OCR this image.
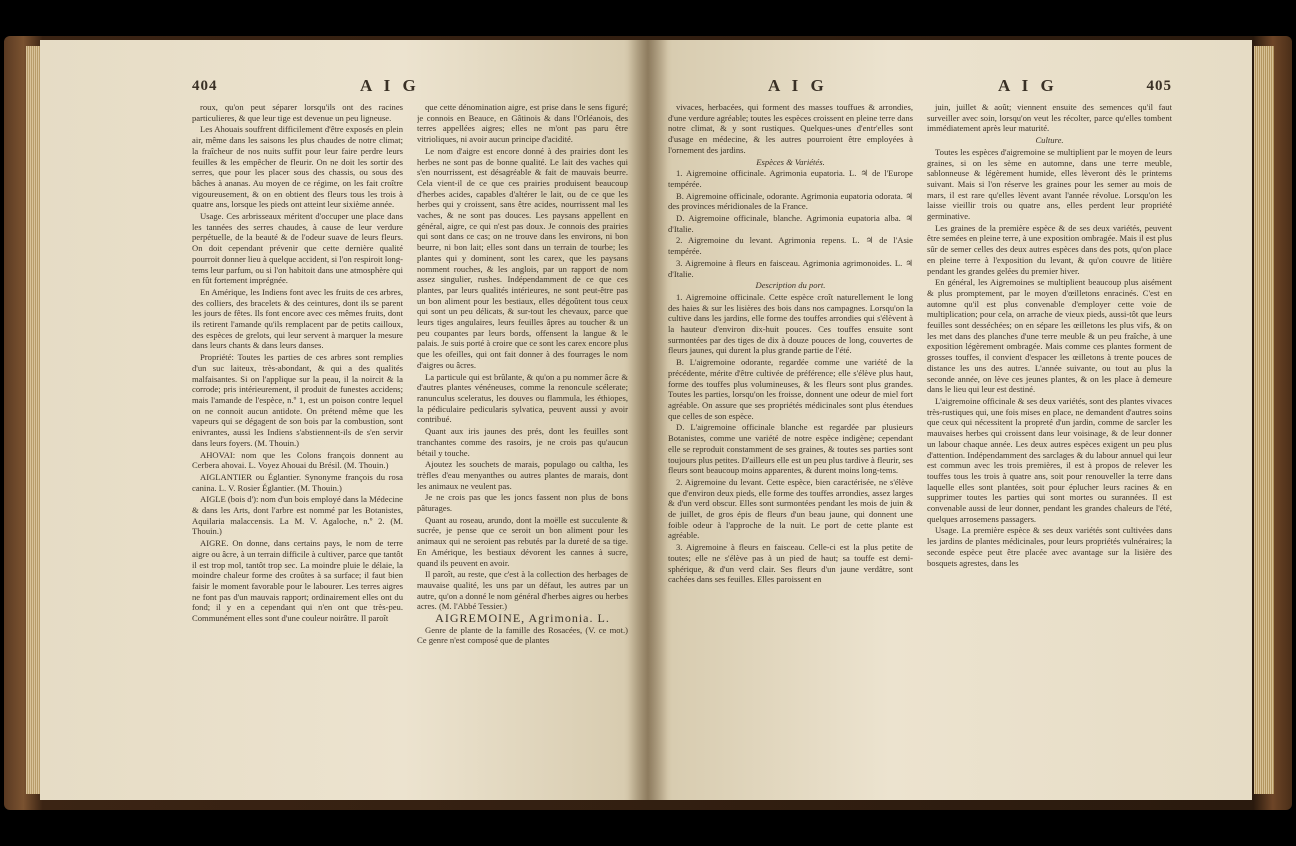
404	A I G

roux, qu'on peut séparer lorsqu'ils ont des racines particulieres, & que leur tige est devenue un peu ligneuse.

Les Ahouais souffrent difficilement d'être exposés en plein air, même dans les saisons les plus chaudes de notre climat; la fraîcheur de nos nuits suffit pour leur faire perdre leurs feuilles & les empêcher de fleurir. On ne doit les sortir des serres, que pour les placer sous des chassis, ou sous des bâches à ananas. Au moyen de ce régime, on les fait croître vigoureusement, & on en obtient des fleurs tous les trois à quatre ans, lorsque les pieds ont atteint leur sixième année.

Usage. Ces arbrisseaux méritent d'occuper une place dans les tannées des serres chaudes, à cause de leur verdure perpétuelle, de la beauté & de l'odeur suave de leurs fleurs. On doit cependant prévenir que cette dernière qualité pourroit donner lieu à quelque accident, si l'on respiroit long-tems leur parfum, ou si l'on habitoit dans une atmosphère qui en fût fortement imprégnée.

En Amérique, les Indiens font avec les fruits de ces arbres, des colliers, des bracelets & des ceintures, dont ils se parent les jours de fêtes. Ils font encore avec ces mêmes fruits, dont ils retirent l'amande qu'ils remplacent par de petits cailloux, des espèces de grelots, qui leur servent à marquer la mesure dans leurs chants & dans leurs danses.

Propriété: Toutes les parties de ces arbres sont remplies d'un suc laiteux, très-abondant, & qui a des qualités malfaisantes. Si on l'applique sur la peau, il la noircit & la corrode; pris intérieurement, il produit de funestes accidens; mais l'amande de l'espèce, n.º 1, est un poison contre lequel on ne connoit aucun antidote. On prétend même que les vapeurs qui se dégagent de son bois par la combustion, sont enivrantes, aussi les Indiens s'abstiennent-ils de s'en servir dans leurs foyers. (M. Thouin.)

AHOVAI: nom que les Colons françois donnent au Cerbera ahovai. L. Voyez Ahouai du Brésil. (M. Thouin.)

AIGLANTIER ou Églantier. Synonyme françois du rosa canina. L. V. Rosier Églantier. (M. Thouin.)

AIGLE (bois d'): nom d'un bois employé dans la Médecine & dans les Arts, dont l'arbre est nommé par les Botanistes, Aquilaria malaccensis. La M. V. Agaloche, n.º 2. (M. Thouin.)

AIGRE. On donne, dans certains pays, le nom de terre aigre ou âcre, à un terrain difficile à cultiver, parce que tantôt il est trop mol, tantôt trop sec. La moindre pluie le délaie, la moindre chaleur forme des croûtes à sa surface; il faut bien faisir le moment favorable pour le labourer. Les terres aigres ne font pas d'un mauvais rapport; ordinairement elles ont du fond; il y en a cependant qui n'en ont que très-peu. Communément elles sont d'une couleur noirâtre. Il paroît

que cette dénomination aigre, est prise dans le sens figuré; je connois en Beauce, en Gâtinois & dans l'Orléanois, des terres appellées aigres; elles ne m'ont pas paru être vitrioliques, ni avoir aucun principe d'acidité.

Le nom d'aigre est encore donné à des prairies dont les herbes ne sont pas de bonne qualité. Le lait des vaches qui s'en nourrissent, est désagréable & fait de mauvais beurre. Cela vient-il de ce que ces prairies produisent beaucoup d'herbes acides, capables d'altérer le lait, ou de ce que les herbes qui y croissent, sans être acides, nourrissent mal les vaches, & ne sont pas douces. Les paysans appellent en général, aigre, ce qui n'est pas doux. Je connois des prairies qui sont dans ce cas; on ne trouve dans les environs, ni bon beurre, ni bon lait; elles sont dans un terrain de tourbe; les plantes qui y dominent, sont les carex, que les paysans nomment rouches, & les anglois, par un rapport de nom assez singulier, rushes. Indépendamment de ce que ces plantes, par leurs qualités intérieures, ne sont peut-être pas un bon aliment pour les bestiaux, elles dégoûtent tous ceux qui sont un peu délicats, & sur-tout les chevaux, parce que leurs tiges angulaires, leurs feuilles âpres au toucher & un peu coupantes par leurs bords, offensent la langue & le palais. Je suis porté à croire que ce sont les carex encore plus que les ofeilles, qui ont fait donner à des fourrages le nom d'aigres ou âcres.

La particule qui est brûlante, & qu'on a pu nommer âcre & d'autres plantes vénéneuses, comme la renoncule scélerate; ranunculus sceleratus, les douves ou flammula, les éthiopes, la pédiculaire pedicularis sylvatica, peuvent aussi y avoir contribué.

Quant aux iris jaunes des prés, dont les feuilles sont tranchantes comme des rasoirs, je ne crois pas qu'aucun bétail y touche.

Ajoutez les souchets de marais, populago ou caltha, les trèfles d'eau menyanthes ou autres plantes de marais, dont les animaux ne veulent pas.

Je ne crois pas que les joncs fassent non plus de bons pâturages.

Quant au roseau, arundo, dont la moëlle est succulente & sucrée, je pense que ce seroit un bon aliment pour les animaux qui ne seroient pas rebutés par la dureté de sa tige. En Amérique, les bestiaux dévorent les cannes à sucre, quand ils peuvent en avoir.

Il paroît, au reste, que c'est à la collection des herbages de mauvaise qualité, les uns par un défaut, les autres par un autre, qu'on a donné le nom général d'herbes aigres ou herbes acres. (M. l'Abbé Tessier.)

AIGREMOINE, Agrimonia. L.

Genre de plante de la famille des Rosacées, (V. ce mot.) Ce genre n'est composé que de plantes

A I G	A I G	405

vivaces, herbacées, qui forment des masses touffues & arrondies, d'une verdure agréable; toutes les espèces croissent en pleine terre dans notre climat, & y sont rustiques. Quelques-unes d'entr'elles sont d'usage en médecine, & les autres pourroient être employées à l'ornement des jardins.

Espèces & Variétés.

1. Aigremoine officinale. Agrimonia eupatoria. L. ♃ de l'Europe tempérée.

B. Aigremoine officinale, odorante. Agrimonia eupatoria odorata. ♃ des provinces méridionales de la France.

D. Aigremoine officinale, blanche. Agrimonia eupatoria alba. ♃ d'Italie.

2. Aigremoine du levant. Agrimonia repens. L. ♃ de l'Asie tempérée.

3. Aigremoine à fleurs en faisceau. Agrimonia agrimonoides. L. ♃ d'Italie.

Description du port.

1. Aigremoine officinale. Cette espèce croît naturellement le long des haies & sur les lisières des bois dans nos campagnes. Lorsqu'on la cultive dans les jardins, elle forme des touffes arrondies qui s'élèvent à la hauteur d'environ dix-huit pouces. Ces touffes ensuite sont surmontées par des tiges de dix à douze pouces de long, couvertes de fleurs jaunes, qui durent la plus grande partie de l'été.

B. L'aigremoine odorante, regardée comme une variété de la précédente, mérite d'être cultivée de préférence; elle s'élève plus haut, forme des touffes plus volumineuses, & les fleurs sont plus grandes. Toutes les parties, lorsqu'on les froisse, donnent une odeur de miel fort agréable. On assure que ses propriétés médicinales sont plus étendues que celles de son espèce.

D. L'aigremoine officinale blanche est regardée par plusieurs Botanistes, comme une variété de notre espèce indigène; cependant elle se reproduit constamment de ses graines, & toutes ses parties sont toujours plus petites. D'ailleurs elle est un peu plus tardive à fleurir, ses fleurs sont beaucoup moins apparentes, & durent moins long-tems.

2. Aigremoine du levant. Cette espèce, bien caractérisée, ne s'élève que d'environ deux pieds, elle forme des touffes arrondies, assez larges & d'un verd obscur. Elles sont surmontées pendant les mois de juin & de juillet, de gros épis de fleurs d'un beau jaune, qui donnent une foible odeur à l'approche de la nuit. Le port de cette plante est agréable.

3. Aigremoine à fleurs en faisceau. Celle-ci est la plus petite de toutes; elle ne s'élève pas à un pied de haut; sa touffe est demi-sphérique, & d'un verd clair. Ses fleurs d'un jaune verdâtre, sont cachées dans ses feuilles. Elles paroissent en

juin, juillet & août; viennent ensuite des semences qu'il faut surveiller avec soin, lorsqu'on veut les récolter, parce qu'elles tombent immédiatement après leur maturité.

Culture.

Toutes les espèces d'aigremoine se multiplient par le moyen de leurs graines, si on les sème en automne, dans une terre meuble, sablonneuse & légèrement humide, elles lèveront dès le printems suivant. Mais si l'on réserve les graines pour les semer au mois de mars, il est rare qu'elles lèvent avant l'année révolue. Lorsqu'on les laisse vieillir trois ou quatre ans, elles perdent leur propriété germinative.

Les graines de la première espèce & de ses deux variétés, peuvent être semées en pleine terre, à une exposition ombragée. Mais il est plus sûr de semer celles des deux autres espèces dans des pots, qu'on place en pleine terre à l'exposition du levant, & qu'on couvre de litière pendant les grandes gelées du premier hiver.

En général, les Aigremoines se multiplient beaucoup plus aisément & plus promptement, par le moyen d'œilletons enracinés. C'est en automne qu'il est plus convenable d'employer cette voie de multiplication; pour cela, on arrache de vieux pieds, aussi-tôt que leurs feuilles sont desséchées; on en sépare les œilletons les plus vifs, & on les met dans des planches d'une terre meuble & un peu fraîche, à une exposition légèrement ombragée. Mais comme ces plantes forment de grosses touffes, il convient d'espacer les œilletons à trente pouces de distance les uns des autres. L'année suivante, ou tout au plus la seconde année, on lève ces jeunes plantes, & on les place à demeure dans le lieu qui leur est destiné.

L'aigremoine officinale & ses deux variétés, sont des plantes vivaces très-rustiques qui, une fois mises en place, ne demandent d'autres soins que ceux qui nécessitent la propreté d'un jardin, comme de sarcler les mauvaises herbes qui croissent dans leur voisinage, & de leur donner un labour chaque année. Les deux autres espèces exigent un peu plus d'attention. Indépendamment des sarclages & du labour annuel qui leur est commun avec les trois premières, il est à propos de relever les touffes tous les trois à quatre ans, soit pour renouveller la terre dans laquelle elles sont plantées, soit pour éplucher leurs racines & en supprimer toutes les parties qui sont mortes ou surannées. Il est convenable aussi de leur donner, pendant les grandes chaleurs de l'été, quelques arrosemens passagers.

Usage. La première espèce & ses deux variétés sont cultivées dans les jardins de plantes médicinales, pour leurs propriétés vulnéraires; la seconde espèce peut être placée avec avantage sur la lisière des bosquets agrestes, dans les
